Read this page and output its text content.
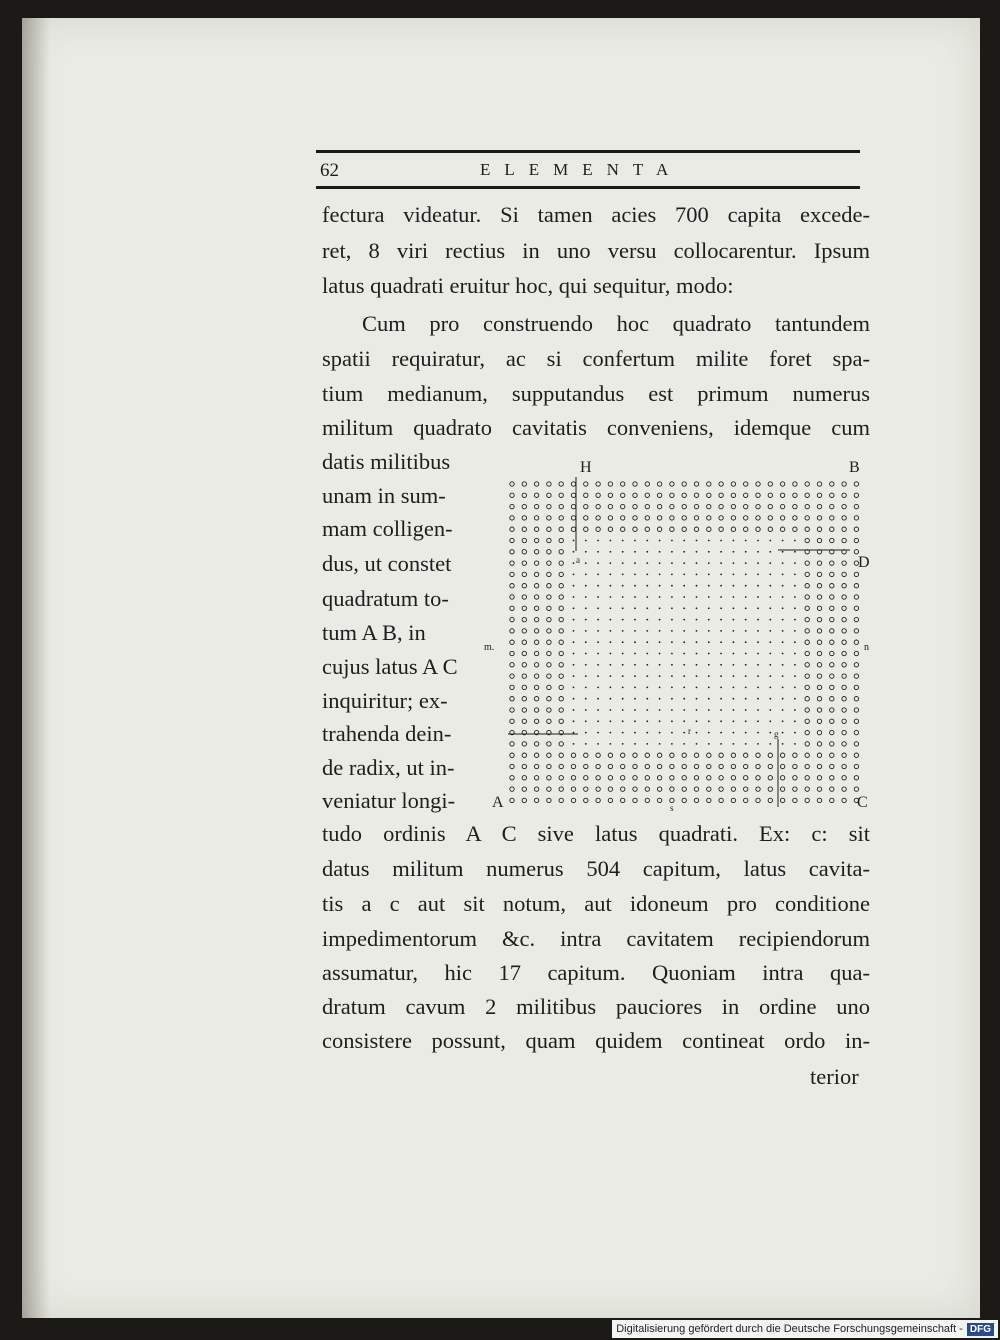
62	ELEMENTA
fectura videatur. Si tamen acies 700 capita excede-
ret, 8 viri rectius in uno versu collocarentur. Ipsum
latus quadrati eruitur hoc, qui sequitur, modo:
Cum pro construendo hoc quadrato tantundem
spatii requiratur, ac si confertum milite foret spa-
tium medianum, supputandus est primum numerus
militum quadrato cavitatis conveniens, idemque cum
datis militibus
unam in sum-
mam colligen-
dus, ut constet
quadratum to-
tum A B, in
cujus latus A C
inquiritur; ex-
trahenda dein-
de radix, ut in-
veniatur longi-
H	B
D
n
m.
A	C
a
r	g
s
tudo ordinis A C sive latus quadrati. Ex: c: sit
datus militum numerus 504 capitum, latus cavita-
tis a c aut sit notum, aut idoneum pro conditione
impedimentorum &c. intra cavitatem recipiendorum
assumatur, hic 17 capitum. Quoniam intra qua-
dratum cavum 2 militibus pauciores in ordine uno
consistere possunt, quam quidem contineat ordo in-
terior
Digitalisierung gefördert durch die Deutsche Forschungsgemeinschaft - DFG
